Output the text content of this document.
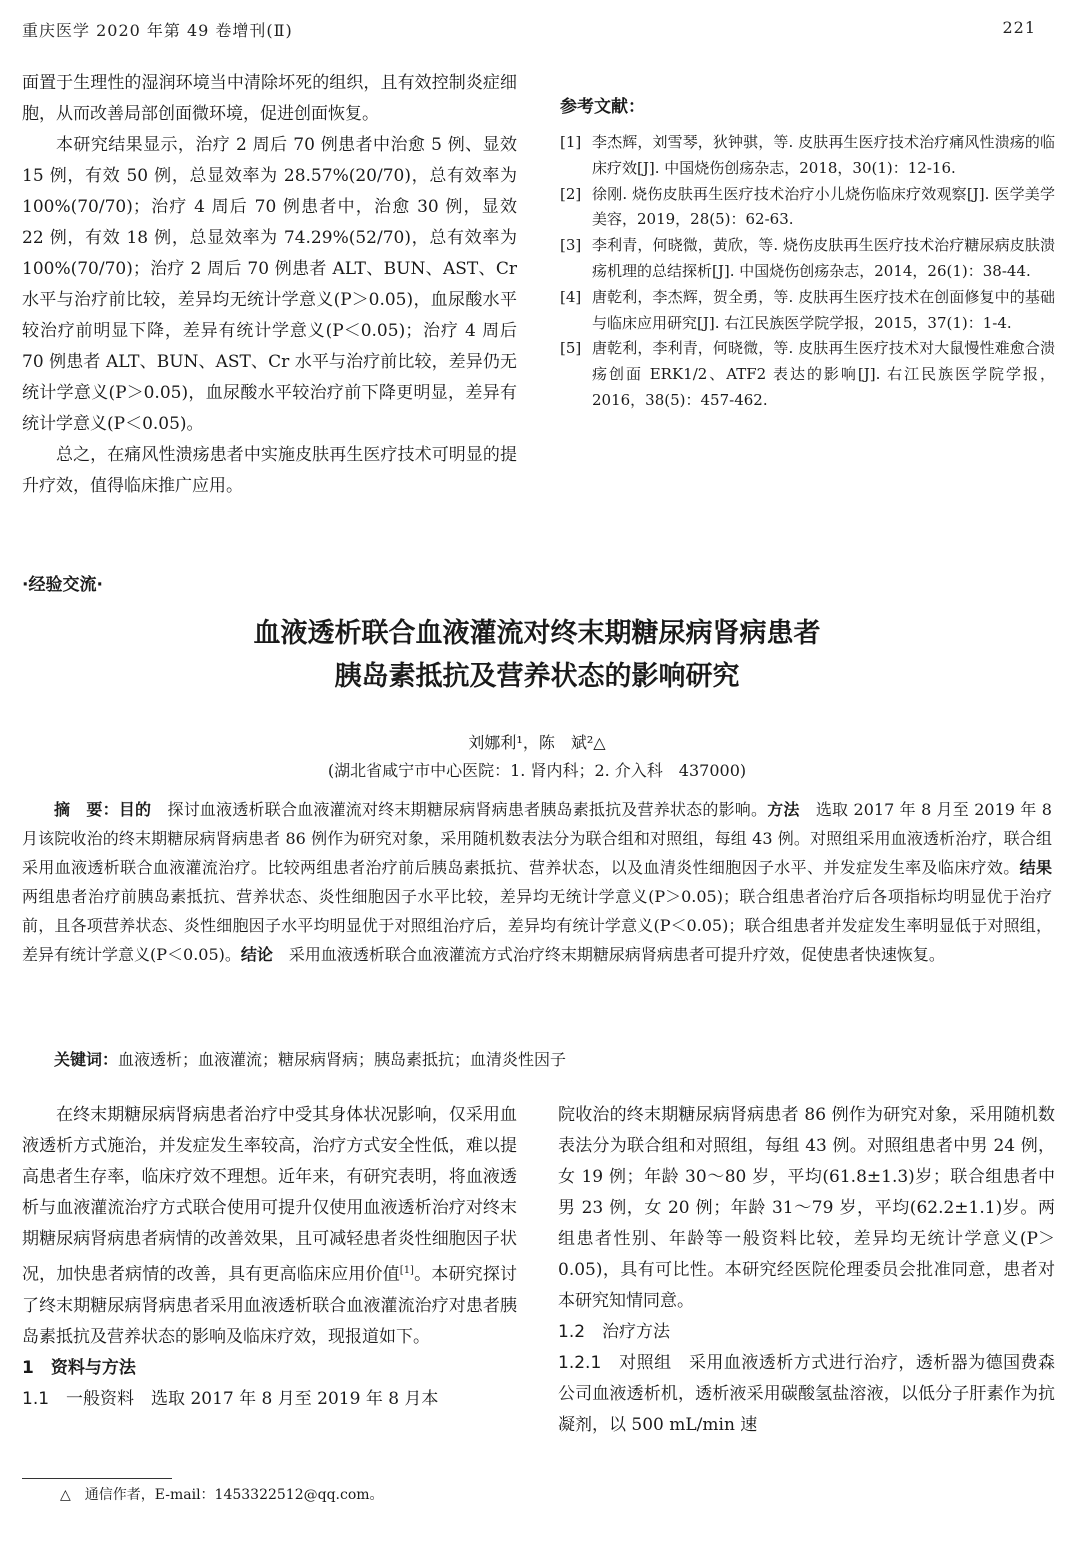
重庆医学 2020 年第 49 卷增刊(Ⅱ)	221

面置于生理性的湿润环境当中清除坏死的组织，且有效控制炎症细胞，从而改善局部创面微环境，促进创面恢复。

本研究结果显示，治疗 2 周后 70 例患者中治愈 5 例、显效 15 例，有效 50 例，总显效率为 28.57%(20/70)，总有效率为 100%(70/70)；治疗 4 周后 70 例患者中，治愈 30 例，显效 22 例，有效 18 例，总显效率为 74.29%(52/70)，总有效率为 100%(70/70)；治疗 2 周后 70 例患者 ALT、BUN、AST、Cr 水平与治疗前比较，差异均无统计学意义(P＞0.05)，血尿酸水平较治疗前明显下降，差异有统计学意义(P＜0.05)；治疗 4 周后 70 例患者 ALT、BUN、AST、Cr 水平与治疗前比较，差异仍无统计学意义(P＞0.05)，血尿酸水平较治疗前下降更明显，差异有统计学意义(P＜0.05)。

总之，在痛风性溃疡患者中实施皮肤再生医疗技术可明显的提升疗效，值得临床推广应用。

参考文献：
[1] 李杰辉，刘雪琴，狄钟骐，等. 皮肤再生医疗技术治疗痛风性溃疡的临床疗效[J]. 中国烧伤创疡杂志，2018，30(1)：12-16.
[2] 徐刚. 烧伤皮肤再生医疗技术治疗小儿烧伤临床疗效观察[J]. 医学美学美容，2019，28(5)：62-63.
[3] 李利青，何晓微，黄欣，等. 烧伤皮肤再生医疗技术治疗糖尿病皮肤溃疡机理的总结探析[J]. 中国烧伤创疡杂志，2014，26(1)：38-44.
[4] 唐乾利，李杰辉，贺全勇，等. 皮肤再生医疗技术在创面修复中的基础与临床应用研究[J]. 右江民族医学院学报，2015，37(1)：1-4.
[5] 唐乾利，李利青，何晓微，等. 皮肤再生医疗技术对大鼠慢性难愈合溃疡创面 ERK1/2、ATF2 表达的影响[J]. 右江民族医学院学报，2016，38(5)：457-462.
·经验交流·
血液透析联合血液灌流对终末期糖尿病肾病患者
胰岛素抵抗及营养状态的影响研究
刘娜利¹，陈　斌²△
(湖北省咸宁市中心医院：1. 肾内科；2. 介入科　437000)

摘　要：目的　 探讨血液透析联合血液灌流对终末期糖尿病肾病患者胰岛素抵抗及营养状态的影响。方法　 选取 2017 年 8 月至 2019 年 8 月该院收治的终末期糖尿病肾病患者 86 例作为研究对象，采用随机数表法分为联合组和对照组，每组 43 例。对照组采用血液透析治疗，联合组采用血液透析联合血液灌流治疗。比较两组患者治疗前后胰岛素抵抗、营养状态，以及血清炎性细胞因子水平、并发症发生率及临床疗效。结果　两组患者治疗前胰岛素抵抗、营养状态、炎性细胞因子水平比较，差异均无统计学意义(P＞0.05)；联合组患者治疗后各项指标均明显优于治疗前，且各项营养状态、炎性细胞因子水平均明显优于对照组治疗后，差异均有统计学意义(P＜0.05)；联合组患者并发症发生率明显低于对照组，差异有统计学意义(P＜0.05)。结论　 采用血液透析联合血液灌流方式治疗终末期糖尿病肾病患者可提升疗效，促使患者快速恢复。

关键词：血液透析；血液灌流；糖尿病肾病；胰岛素抵抗；血清炎性因子

在终末期糖尿病肾病患者治疗中受其身体状况影响，仅采用血液透析方式施治，并发症发生率较高，治疗方式安全性低，难以提高患者生存率，临床疗效不理想。近年来，有研究表明，将血液透析与血液灌流治疗方式联合使用可提升仅使用血液透析治疗对终末期糖尿病肾病患者病情的改善效果，且可减轻患者炎性细胞因子状况，加快患者病情的改善，具有更高临床应用价值[1]。本研究探讨了终末期糖尿病肾病患者采用血液透析联合血液灌流治疗对患者胰岛素抵抗及营养状态的影响及临床疗效，现报道如下。

1　资料与方法

1.1　 一般资料　 选取 2017 年 8 月至 2019 年 8 月本

院收治的终末期糖尿病肾病患者 86 例作为研究对象，采用随机数表法分为联合组和对照组，每组 43 例。对照组患者中男 24 例，女 19 例；年龄 30～80 岁，平均(61.8±1.3)岁；联合组患者中男 23 例，女 20 例；年龄 31～79 岁，平均(62.2±1.1)岁。两组患者性别、年龄等一般资料比较，差异均无统计学意义(P＞0.05)，具有可比性。本研究经医院伦理委员会批准同意，患者对本研究知情同意。

1.2　治疗方法

1.2.1　 对照组　 采用血液透析方式进行治疗，透析器为德国费森公司血液透析机，透析液采用碳酸氢盐溶液，以低分子肝素作为抗凝剂，以 500 mL/min 速

△　通信作者，E-mail：1453322512@qq.com。
